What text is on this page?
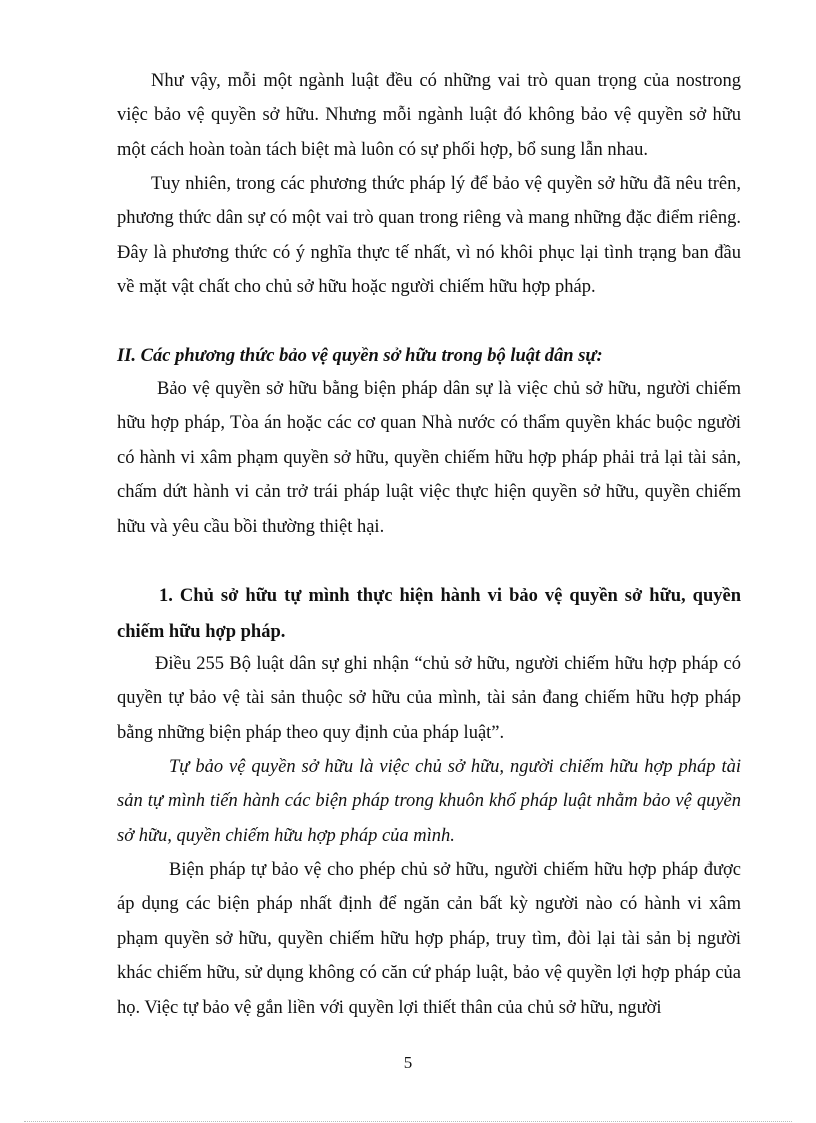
Như vậy, mỗi một ngành luật đều có những vai trò quan trọng của nostrong việc bảo vệ quyền sở hữu. Nhưng mỗi ngành luật đó không bảo vệ quyền sở hữu một cách hoàn toàn tách biệt mà luôn có sự phối hợp, bổ sung lẫn nhau.

Tuy nhiên, trong các phương thức pháp lý để bảo vệ quyền sở hữu đã nêu trên, phương thức dân sự có một vai trò quan trong riêng và mang những đặc điểm riêng. Đây là phương thức có ý nghĩa thực tế nhất, vì nó khôi phục lại tình trạng ban đầu về mặt vật chất cho chủ sở hữu hoặc người chiếm hữu hợp pháp.

II. Các phương thức bảo vệ quyền sở hữu trong bộ luật dân sự:

Bảo vệ quyền sở hữu bằng biện pháp dân sự là việc chủ sở hữu, người chiếm hữu hợp pháp, Tòa án hoặc các cơ quan Nhà nước có thẩm quyền khác buộc người có hành vi xâm phạm quyền sở hữu, quyền chiếm hữu hợp pháp phải trả lại tài sản, chấm dứt hành vi cản trở trái pháp luật việc thực hiện quyền sở hữu, quyền chiếm hữu và yêu cầu bồi thường thiệt hại.

1. Chủ sở hữu tự mình thực hiện hành vi bảo vệ quyền sở hữu, quyền chiếm hữu hợp pháp.

Điều 255 Bộ luật dân sự ghi nhận “chủ sở hữu, người chiếm hữu hợp pháp có quyền tự bảo vệ tài sản thuộc sở hữu của mình, tài sản đang chiếm hữu hợp pháp bằng những biện pháp theo quy định của pháp luật”.

Tự bảo vệ quyền sở hữu là việc chủ sở hữu, người chiếm hữu hợp pháp tài sản tự mình tiến hành các biện pháp trong khuôn khổ pháp luật nhằm bảo vệ quyền sở hữu, quyền chiếm hữu hợp pháp của mình.

Biện pháp tự bảo vệ cho phép chủ sở hữu, người chiếm hữu hợp pháp được áp dụng các biện pháp nhất định để ngăn cản bất kỳ người nào có hành vi xâm phạm quyền sở hữu, quyền chiếm hữu hợp pháp, truy tìm, đòi lại tài sản bị người khác chiếm hữu, sử dụng không có căn cứ pháp luật, bảo vệ quyền lợi hợp pháp của họ. Việc tự bảo vệ gắn liền với quyền lợi thiết thân của chủ sở hữu, người

5
